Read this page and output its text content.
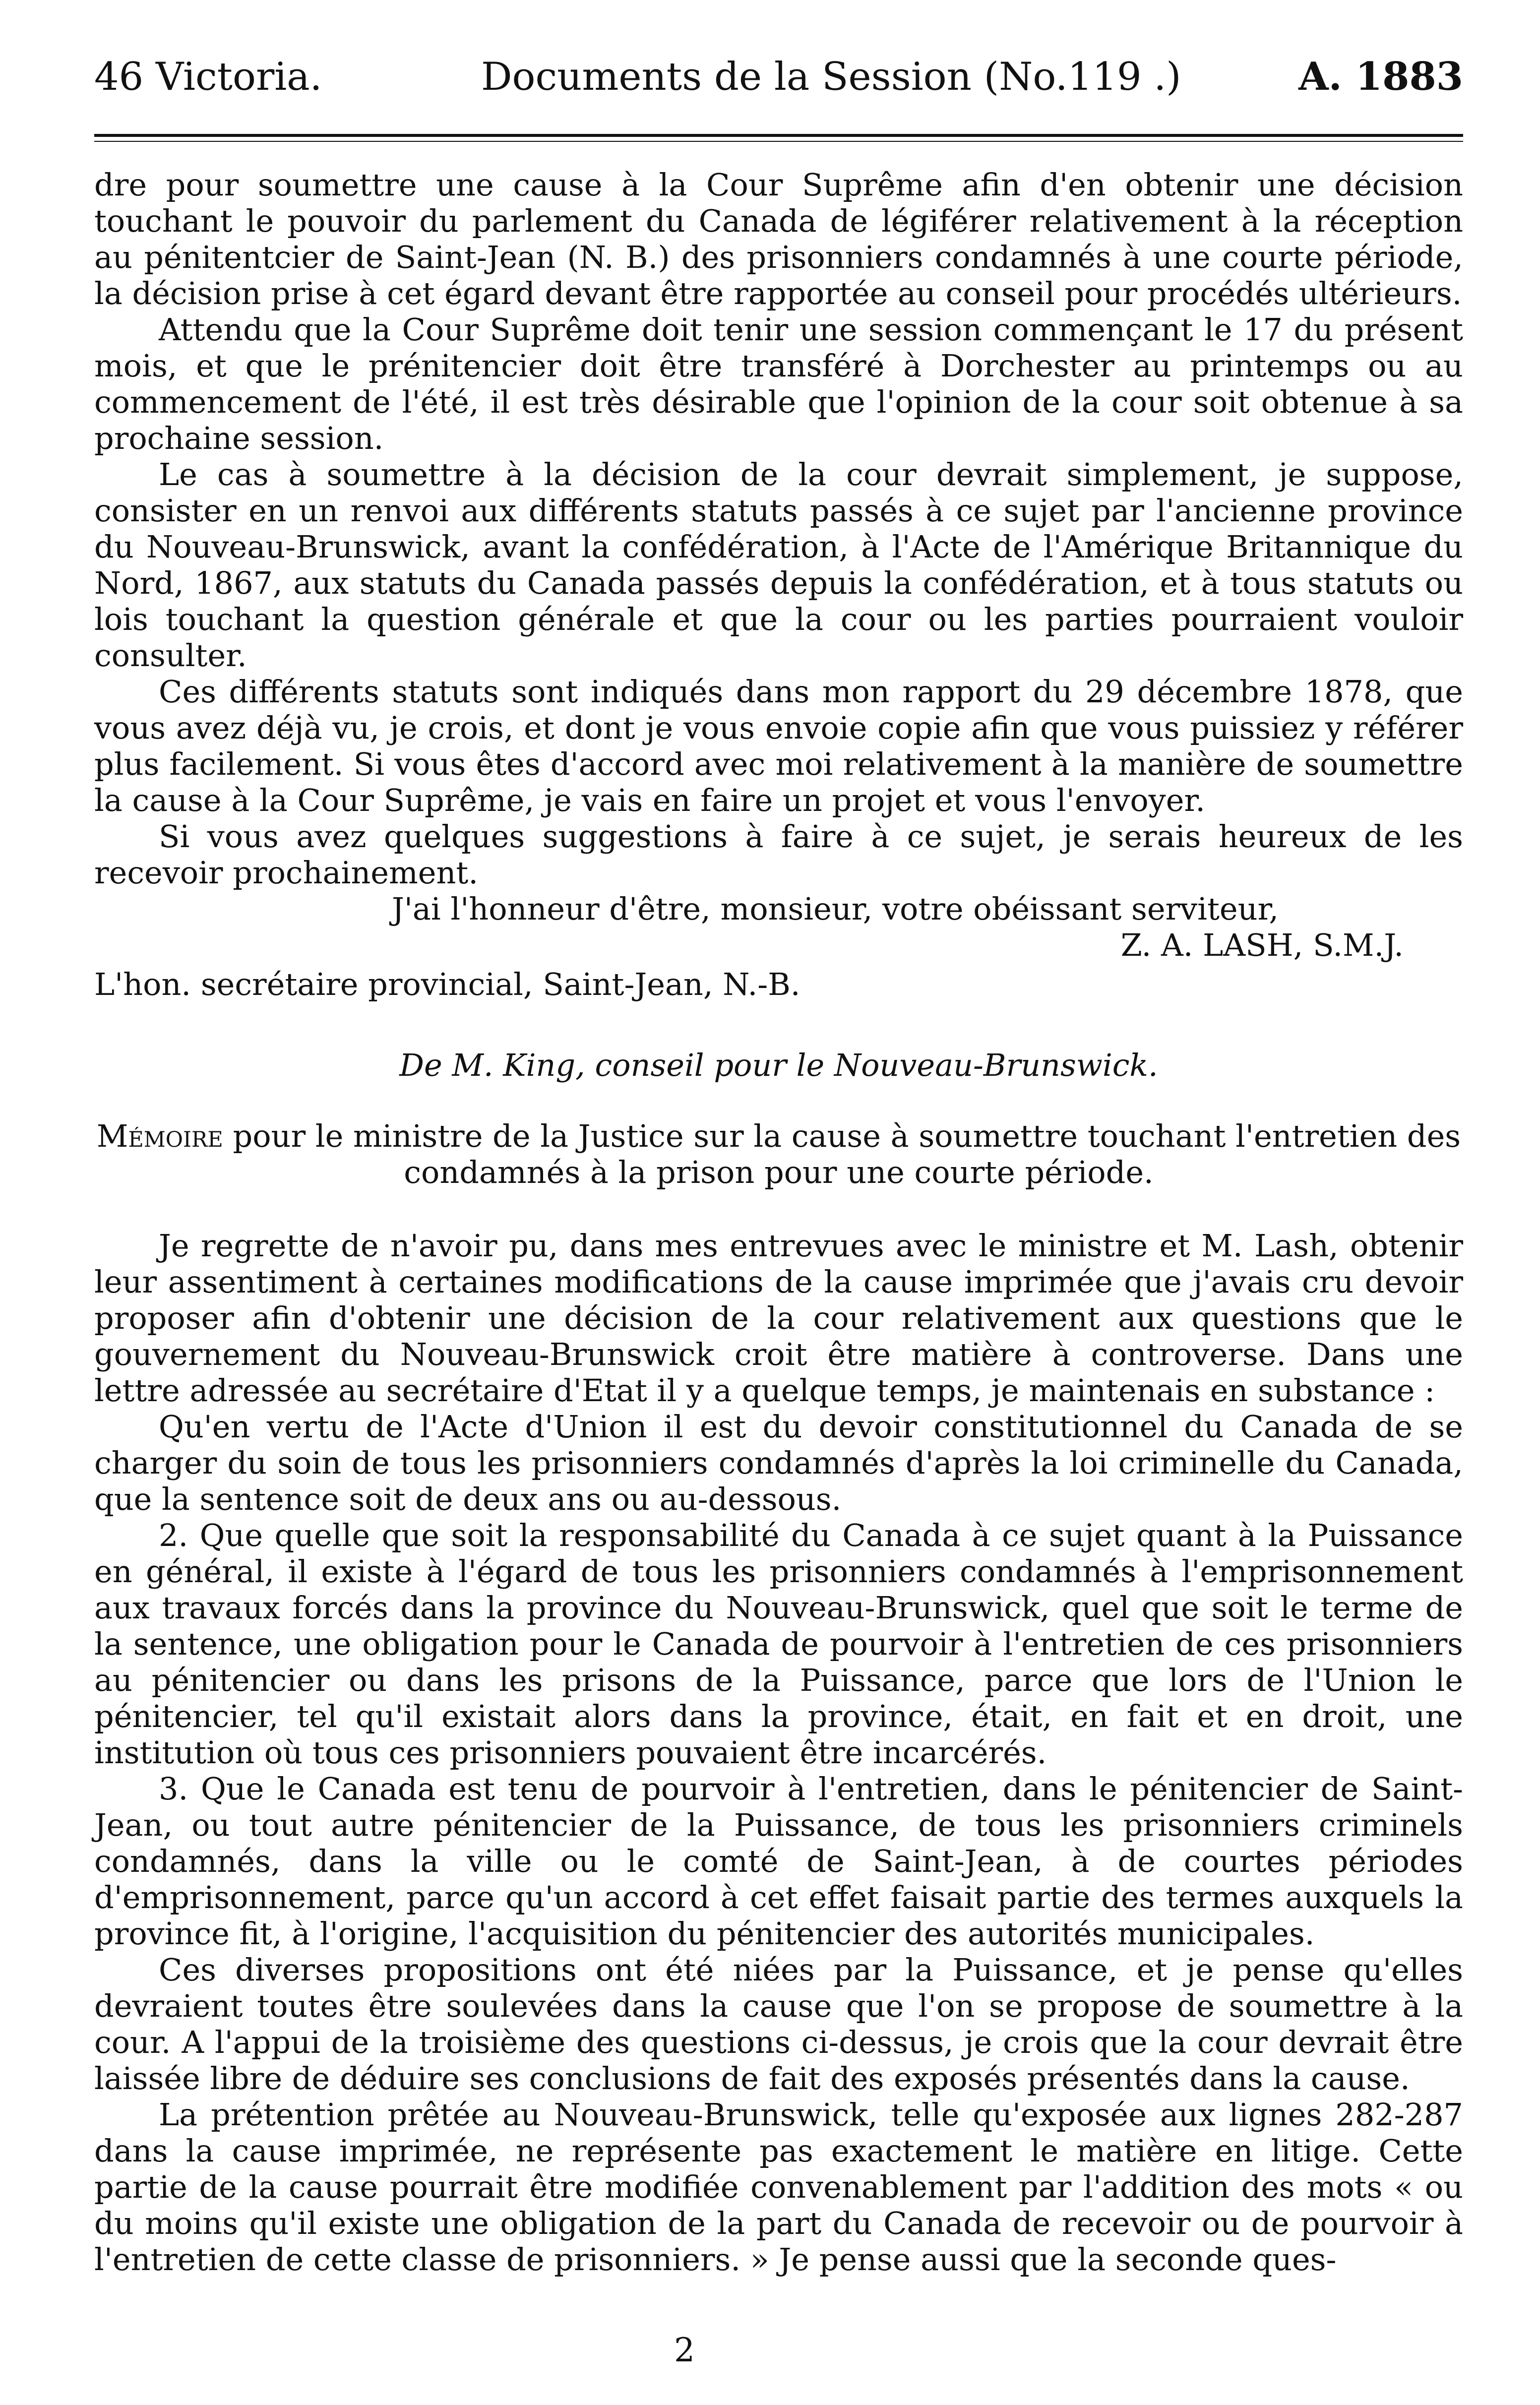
46 Victoria.	Documents de la Session (No.119 .)	A. 1883

dre pour soumettre une cause à la Cour Suprême afin d'en obtenir une décision touchant le pouvoir du parlement du Canada de légiférer relativement à la réception au pénitentcier de Saint-Jean (N. B.) des prisonniers condamnés à une courte période, la décision prise à cet égard devant être rapportée au conseil pour procédés ultérieurs.

Attendu que la Cour Suprême doit tenir une session commençant le 17 du présent mois, et que le prénitencier doit être transféré à Dorchester au printemps ou au commencement de l'été, il est très désirable que l'opinion de la cour soit obtenue à sa prochaine session.

Le cas à soumettre à la décision de la cour devrait simplement, je suppose, consister en un renvoi aux différents statuts passés à ce sujet par l'ancienne province du Nouveau-Brunswick, avant la confédération, à l'Acte de l'Amérique Britannique du Nord, 1867, aux statuts du Canada passés depuis la confédération, et à tous statuts ou lois touchant la question générale et que la cour ou les parties pourraient vouloir consulter.

Ces différents statuts sont indiqués dans mon rapport du 29 décembre 1878, que vous avez déjà vu, je crois, et dont je vous envoie copie afin que vous puissiez y référer plus facilement. Si vous êtes d'accord avec moi relativement à la manière de soumettre la cause à la Cour Suprême, je vais en faire un projet et vous l'envoyer.

Si vous avez quelques suggestions à faire à ce sujet, je serais heureux de les recevoir prochainement.

J'ai l'honneur d'être, monsieur, votre obéissant serviteur,

Z. A. LASH, S.M.J.

L'hon. secrétaire provincial, Saint-Jean, N.-B.

De M. King, conseil pour le Nouveau-Brunswick.

Mémoire pour le ministre de la Justice sur la cause à soumettre touchant l'entretien des condamnés à la prison pour une courte période.

Je regrette de n'avoir pu, dans mes entrevues avec le ministre et M. Lash, obtenir leur assentiment à certaines modifications de la cause imprimée que j'avais cru devoir proposer afin d'obtenir une décision de la cour relativement aux questions que le gouvernement du Nouveau-Brunswick croit être matière à controverse. Dans une lettre adressée au secrétaire d'Etat il y a quelque temps, je maintenais en substance :

Qu'en vertu de l'Acte d'Union il est du devoir constitutionnel du Canada de se charger du soin de tous les prisonniers condamnés d'après la loi criminelle du Canada, que la sentence soit de deux ans ou au-dessous.

2. Que quelle que soit la responsabilité du Canada à ce sujet quant à la Puissance en général, il existe à l'égard de tous les prisonniers condamnés à l'emprisonnement aux travaux forcés dans la province du Nouveau-Brunswick, quel que soit le terme de la sentence, une obligation pour le Canada de pourvoir à l'entretien de ces prisonniers au pénitencier ou dans les prisons de la Puissance, parce que lors de l'Union le pénitencier, tel qu'il existait alors dans la province, était, en fait et en droit, une institution où tous ces prisonniers pouvaient être incarcérés.

3. Que le Canada est tenu de pourvoir à l'entretien, dans le pénitencier de Saint-Jean, ou tout autre pénitencier de la Puissance, de tous les prisonniers criminels condamnés, dans la ville ou le comté de Saint-Jean, à de courtes périodes d'emprisonnement, parce qu'un accord à cet effet faisait partie des termes auxquels la province fit, à l'origine, l'acquisition du pénitencier des autorités municipales.

Ces diverses propositions ont été niées par la Puissance, et je pense qu'elles devraient toutes être soulevées dans la cause que l'on se propose de soumettre à la cour. A l'appui de la troisième des questions ci-dessus, je crois que la cour devrait être laissée libre de déduire ses conclusions de fait des exposés présentés dans la cause.

La prétention prêtée au Nouveau-Brunswick, telle qu'exposée aux lignes 282-287 dans la cause imprimée, ne représente pas exactement le matière en litige. Cette partie de la cause pourrait être modifiée convenablement par l'addition des mots « ou du moins qu'il existe une obligation de la part du Canada de recevoir ou de pourvoir à l'entretien de cette classe de prisonniers. » Je pense aussi que la seconde ques-

2
